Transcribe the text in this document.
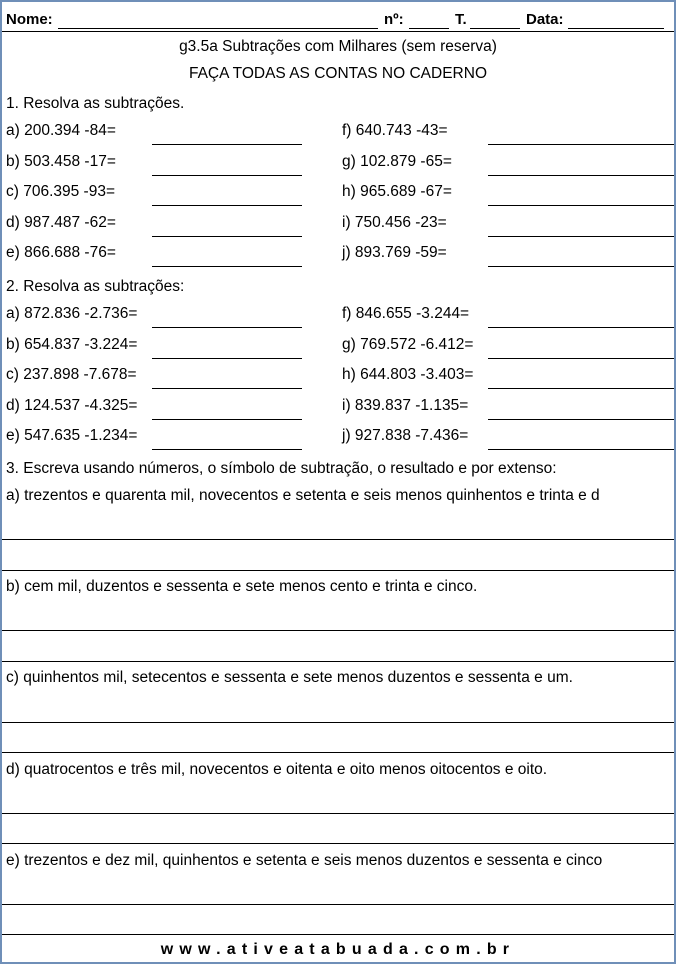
Nome:	nº:	T.	Data:
g3.5a Subtrações com Milhares (sem reserva)
FAÇA TODAS AS CONTAS NO CADERNO
1. Resolva as subtrações.
a) 200.394 -84=
b) 503.458 -17=
c) 706.395 -93=
d) 987.487 -62=
e) 866.688 -76=
f) 640.743 -43=
g) 102.879 -65=
h) 965.689 -67=
i) 750.456 -23=
j) 893.769 -59=
2. Resolva as subtrações:
a) 872.836 -2.736=
b) 654.837 -3.224=
c) 237.898 -7.678=
d) 124.537 -4.325=
e) 547.635 -1.234=
f) 846.655 -3.244=
g) 769.572 -6.412=
h) 644.803 -3.403=
i) 839.837 -1.135=
j) 927.838 -7.436=
3. Escreva usando números, o símbolo de subtração, o resultado e por extenso:
a) trezentos e quarenta mil, novecentos e setenta e seis menos quinhentos e trinta e d
b) cem mil, duzentos e sessenta e sete menos cento e trinta e cinco.
c) quinhentos mil, setecentos e sessenta e sete menos duzentos e sessenta e um.
d) quatrocentos e três mil, novecentos e oitenta e oito menos oitocentos e oito.
e) trezentos e dez mil, quinhentos e setenta e seis menos duzentos e sessenta e cinco
www.ativeatabuada.com.br
